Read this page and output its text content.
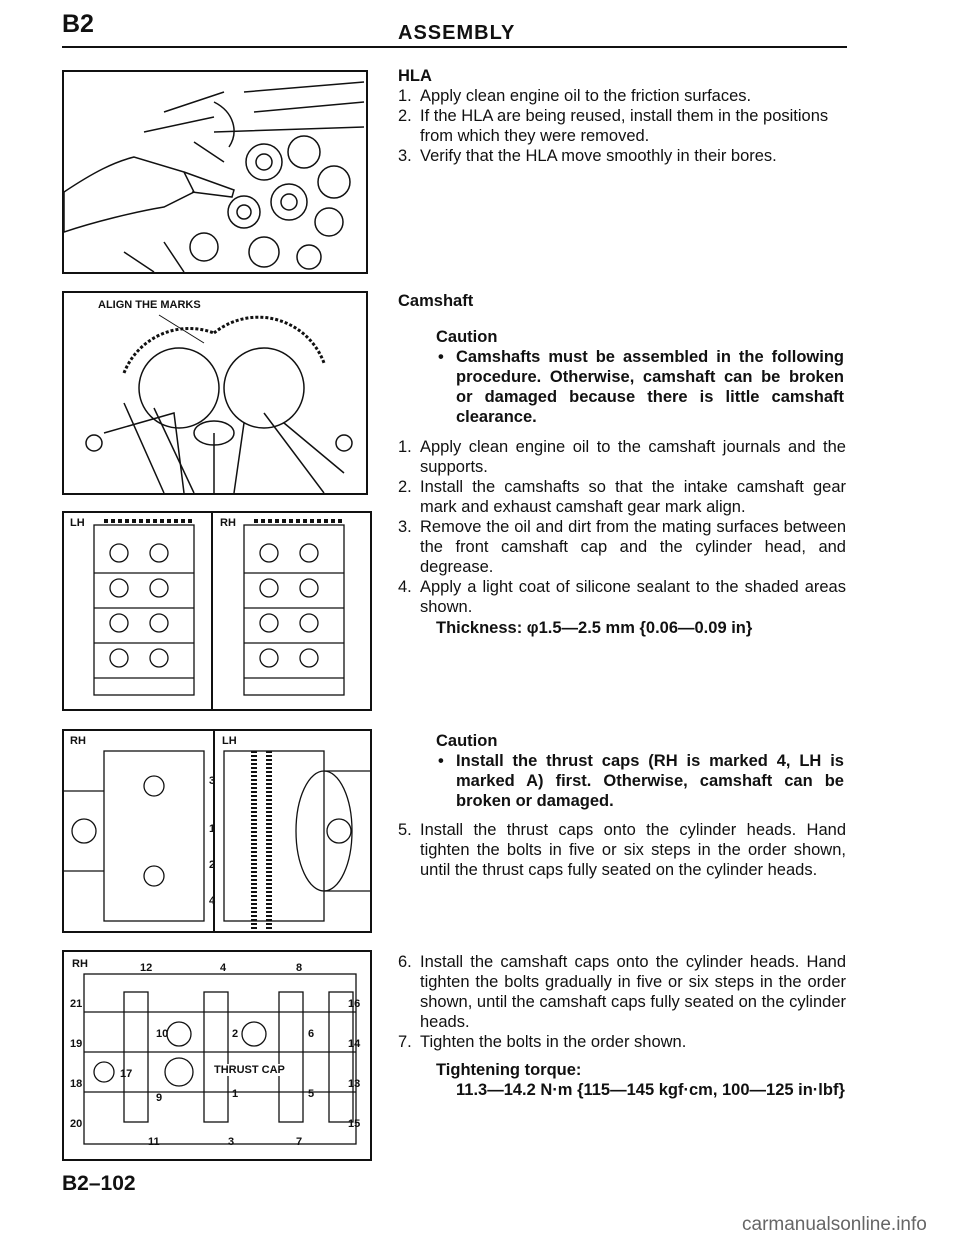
B2	ASSEMBLY
ALIGN THE MARKS
LH	RH
RH	LH
3
1
2
4
RH	12	4	8
21	16
10	2	6
14
19
17
9	1	5
13
18
20
11	3	7
15
THRUST CAP
HLA
1. Apply clean engine oil to the friction surfaces.
2. If the HLA are being reused, install them in the positions from which they were removed.
3. Verify that the HLA move smoothly in their bores.
Camshaft
Caution
• Camshafts must be assembled in the following procedure. Otherwise, camshaft can be broken or damaged because there is little camshaft clearance.
1. Apply clean engine oil to the camshaft journals and the supports.
2. Install the camshafts so that the intake camshaft gear mark and exhaust camshaft gear mark align.
3. Remove the oil and dirt from the mating surfaces between the front camshaft cap and the cylinder head, and degrease.
4. Apply a light coat of silicone sealant to the shaded areas shown.
Thickness: φ1.5—2.5 mm {0.06—0.09 in}
Caution
• Install the thrust caps (RH is marked 4, LH is marked A) first. Otherwise, camshaft can be broken or damaged.
5. Install the thrust caps onto the cylinder heads. Hand tighten the bolts in five or six steps in the order shown, until the thrust caps fully seated on the cylinder heads.
6. Install the camshaft caps onto the cylinder heads. Hand tighten the bolts gradually in five or six steps in the order shown, until the camshaft caps fully seated on the cylinder heads.
7. Tighten the bolts in the order shown.
Tightening torque:
11.3—14.2 N·m {115—145 kgf·cm, 100—125 in·lbf}
B2–102
carmanualsonline.info
